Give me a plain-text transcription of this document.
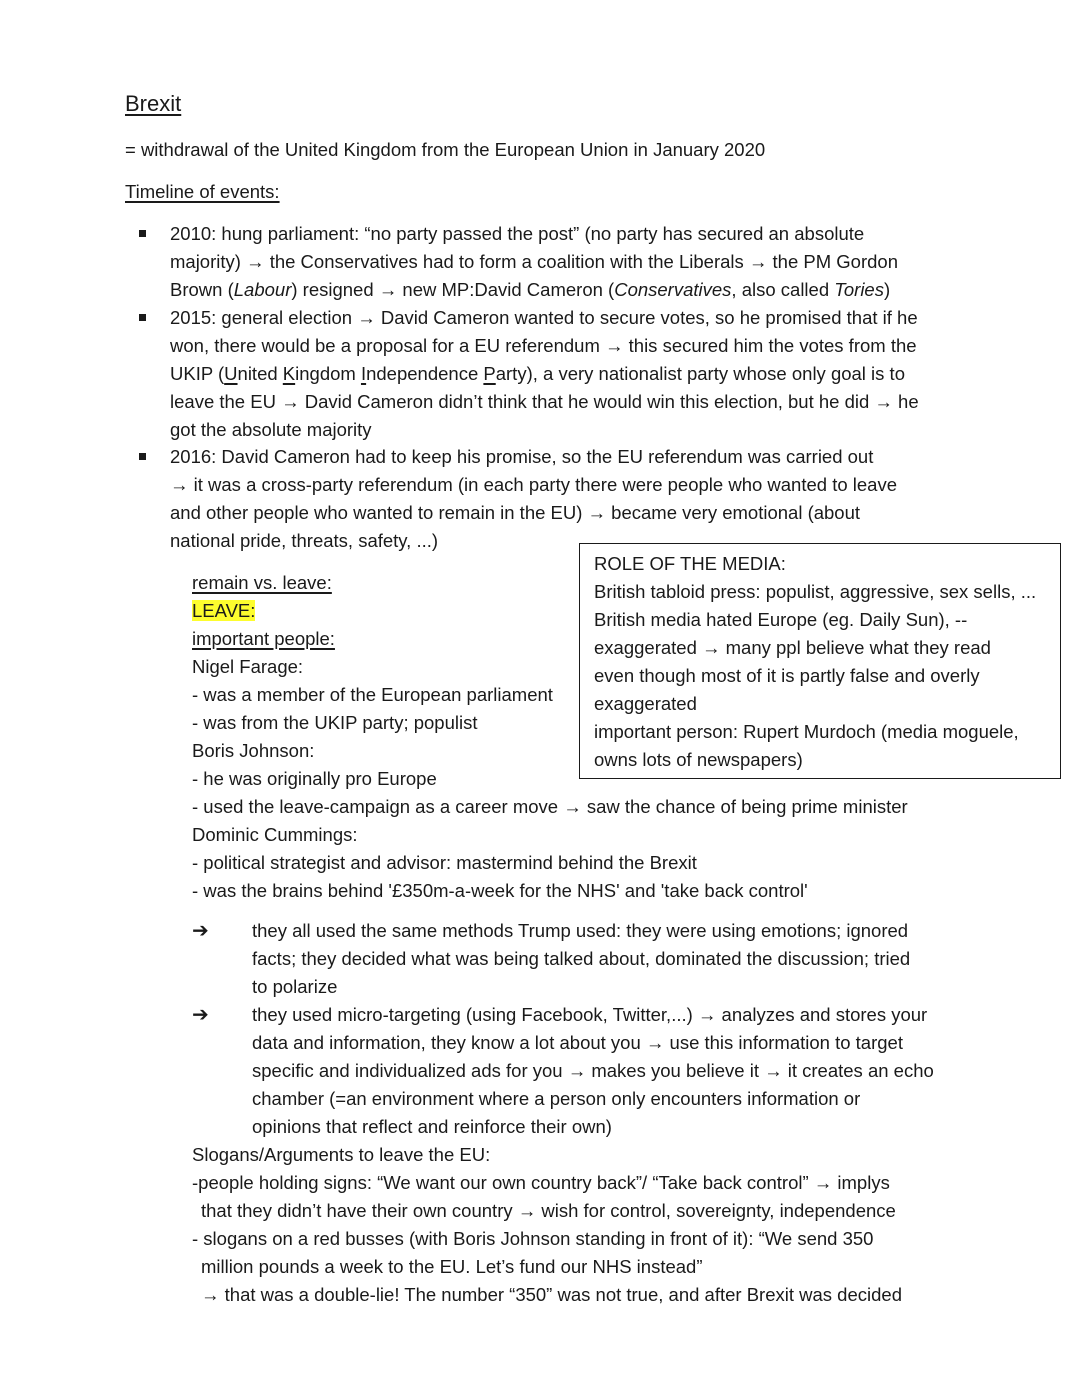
Brexit
= withdrawal of the United Kingdom from the European Union in January 2020
Timeline of events:
2010: hung parliament: “no party passed the post” (no party has secured an absolute
majority) → the Conservatives had to form a coalition with the Liberals → the PM Gordon
Brown (Labour) resigned → new MP:David Cameron (Conservatives, also called Tories)
2015: general election → David Cameron wanted to secure votes, so he promised that if he
won, there would be a proposal for a EU referendum → this secured him the votes from the
UKIP (United Kingdom Independence Party), a very nationalist party whose only goal is to
leave the EU → David Cameron didn’t think that he would win this election, but he did → he
got the absolute majority
2016: David Cameron had to keep his promise, so the EU referendum was carried out
→ it was a cross-party referendum (in each party there were people who wanted to leave
and other people who wanted to remain in the EU) → became very emotional (about
national pride, threats, safety, ...)
remain vs. leave:
LEAVE:
important people:
Nigel Farage:
- was a member of the European parliament
- was from the UKIP party; populist
Boris Johnson:
- he was originally pro Europe
- used the leave-campaign as a career move → saw the chance of being prime minister
Dominic Cummings:
- political strategist and advisor: mastermind behind the Brexit
- was the brains behind '£350m-a-week for the NHS' and 'take back control'
ROLE OF THE MEDIA:
British tabloid press: populist, aggressive, sex sells, ...
British media hated Europe (eg. Daily Sun), --
exaggerated → many ppl believe what they read
even though most of it is partly false and overly
exaggerated
important person: Rupert Murdoch (media moguele,
owns lots of newspapers)
➔ they all used the same methods Trump used: they were using emotions; ignored
facts; they decided what was being talked about, dominated the discussion; tried
to polarize
➔ they used micro-targeting (using Facebook, Twitter,...) → analyzes and stores your
data and information, they know a lot about you → use this information to target
specific and individualized ads for you → makes you believe it → it creates an echo
chamber (=an environment where a person only encounters information or
opinions that reflect and reinforce their own)
Slogans/Arguments to leave the EU:
-people holding signs: “We want our own country back”/ “Take back control” → implys
that they didn’t have their own country → wish for control, sovereignty, independence
- slogans on a red busses (with Boris Johnson standing in front of it): “We send 350
million pounds a week to the EU. Let’s fund our NHS instead”
→ that was a double-lie! The number “350” was not true, and after Brexit was decided
